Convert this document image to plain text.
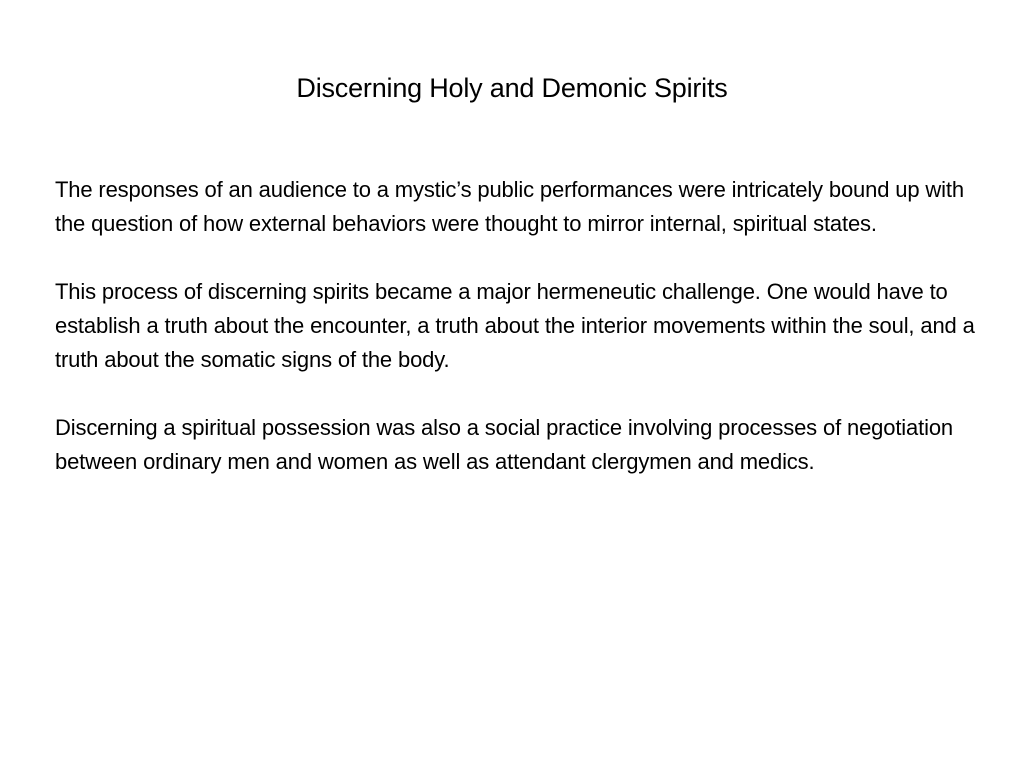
Discerning Holy and Demonic Spirits

The responses of an audience to a mystic’s public performances were intricately bound up with the question of how external behaviors were thought to mirror internal, spiritual states.

This process of discerning spirits became a major hermeneutic challenge. One would have to establish a truth about the encounter, a truth about the interior movements within the soul, and a truth about the somatic signs of the body.

Discerning a spiritual possession was also a social practice involving processes of negotiation between ordinary men and women as well as attendant clergymen and medics.
